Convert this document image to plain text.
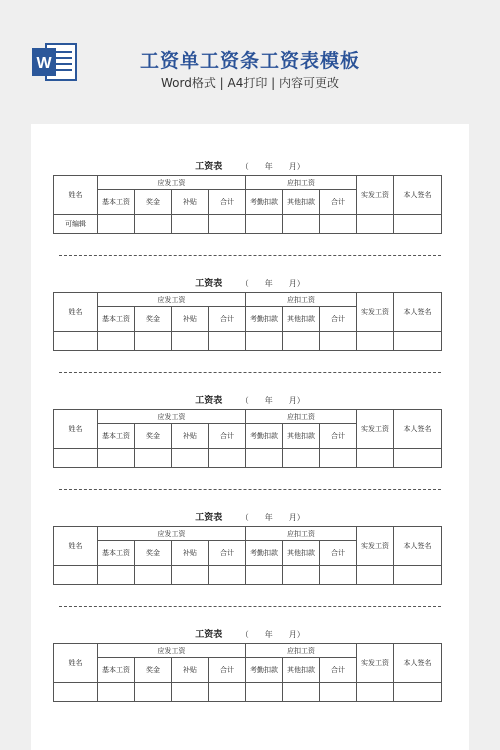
W	工资单工资条工资表模板
Word格式 | A4打印 | 内容可更改
工资表 （　　年　　 月）
姓名	应发工资				应扣工资			实发工资	本人签名
	基本工资	奖金	补贴	合计	考勤扣款	其他扣款	合计		
可编辑									
工资表 （　　年　　 月）
姓名	应发工资				应扣工资			实发工资	本人签名
	基本工资	奖金	补贴	合计	考勤扣款	其他扣款	合计		

工资表 （　　年　　 月）
姓名	应发工资				应扣工资			实发工资	本人签名
	基本工资	奖金	补贴	合计	考勤扣款	其他扣款	合计		

工资表 （　　年　　 月）
姓名	应发工资				应扣工资			实发工资	本人签名
	基本工资	奖金	补贴	合计	考勤扣款	其他扣款	合计		

工资表 （　　年　　 月）
姓名	应发工资				应扣工资			实发工资	本人签名
	基本工资	奖金	补贴	合计	考勤扣款	其他扣款	合计		
